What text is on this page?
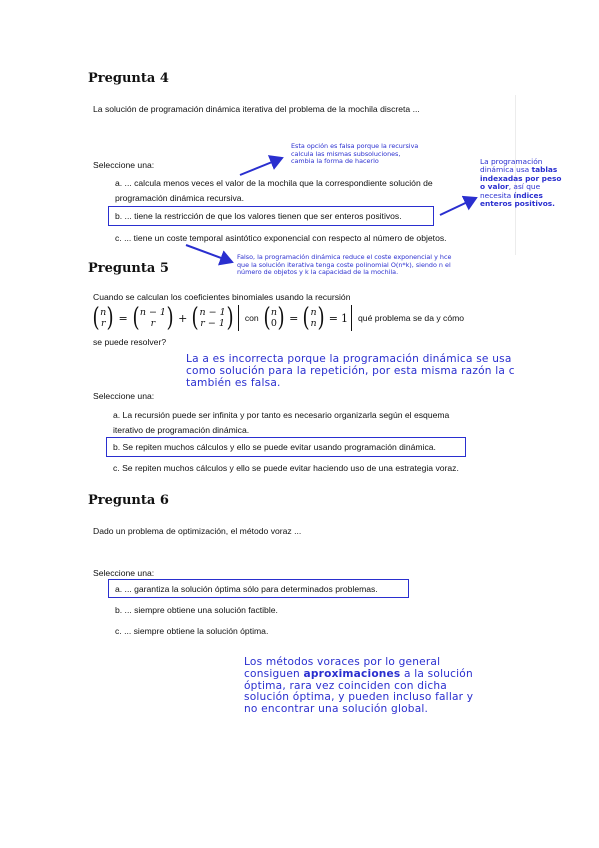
Pregunta 4
La solución de programación dinámica iterativa del problema de la mochila discreta ...
Esta opción es falsa porque la recursiva
calcula las mismas subsoluciones,
cambia la forma de hacerlo
Seleccione una:
a. ... calcula menos veces el valor de la mochila que la correspondiente solución de
programación dinámica recursiva.
b. ... tiene la restricción de que los valores tienen que ser enteros positivos.
c. ... tiene un coste temporal asintótico exponencial con respecto al número de objetos.
La programación
dinámica usa tablas
indexadas por peso
o valor, así que
necesita índices
enteros positivos.
Falso, la programación dinámica reduce el coste exponencial y hce
que la solución iterativa tenga coste polinomial O(n*k), siendo n el
número de objetos y k la capacidad de la mochila.
Pregunta 5
Cuando se calculan los coeficientes binomiales usando la recursión
( n
r ) = ( n − 1
r ) + ( n − 1
r − 1 ) con ( n
0 ) = ( n
n ) = 1 qué problema se da y cómo
se puede resolver?
La a es incorrecta porque la programación dinámica se usa
como solución para la repetición, por esta misma razón la c
también es falsa.
Seleccione una:
a. La recursión puede ser infinita y por tanto es necesario organizarla según el esquema
iterativo de programación dinámica.
b. Se repiten muchos cálculos y ello se puede evitar usando programación dinámica.
c. Se repiten muchos cálculos y ello se puede evitar haciendo uso de una estrategia voraz.
Pregunta 6
Dado un problema de optimización, el método voraz ...
Seleccione una:
a. ... garantiza la solución óptima sólo para determinados problemas.
b. ... siempre obtiene una solución factible.
c. ... siempre obtiene la solución óptima.
Los métodos voraces por lo general
consiguen aproximaciones a la solución
óptima, rara vez coinciden con dicha
solución óptima, y pueden incluso fallar y
no encontrar una solución global.
